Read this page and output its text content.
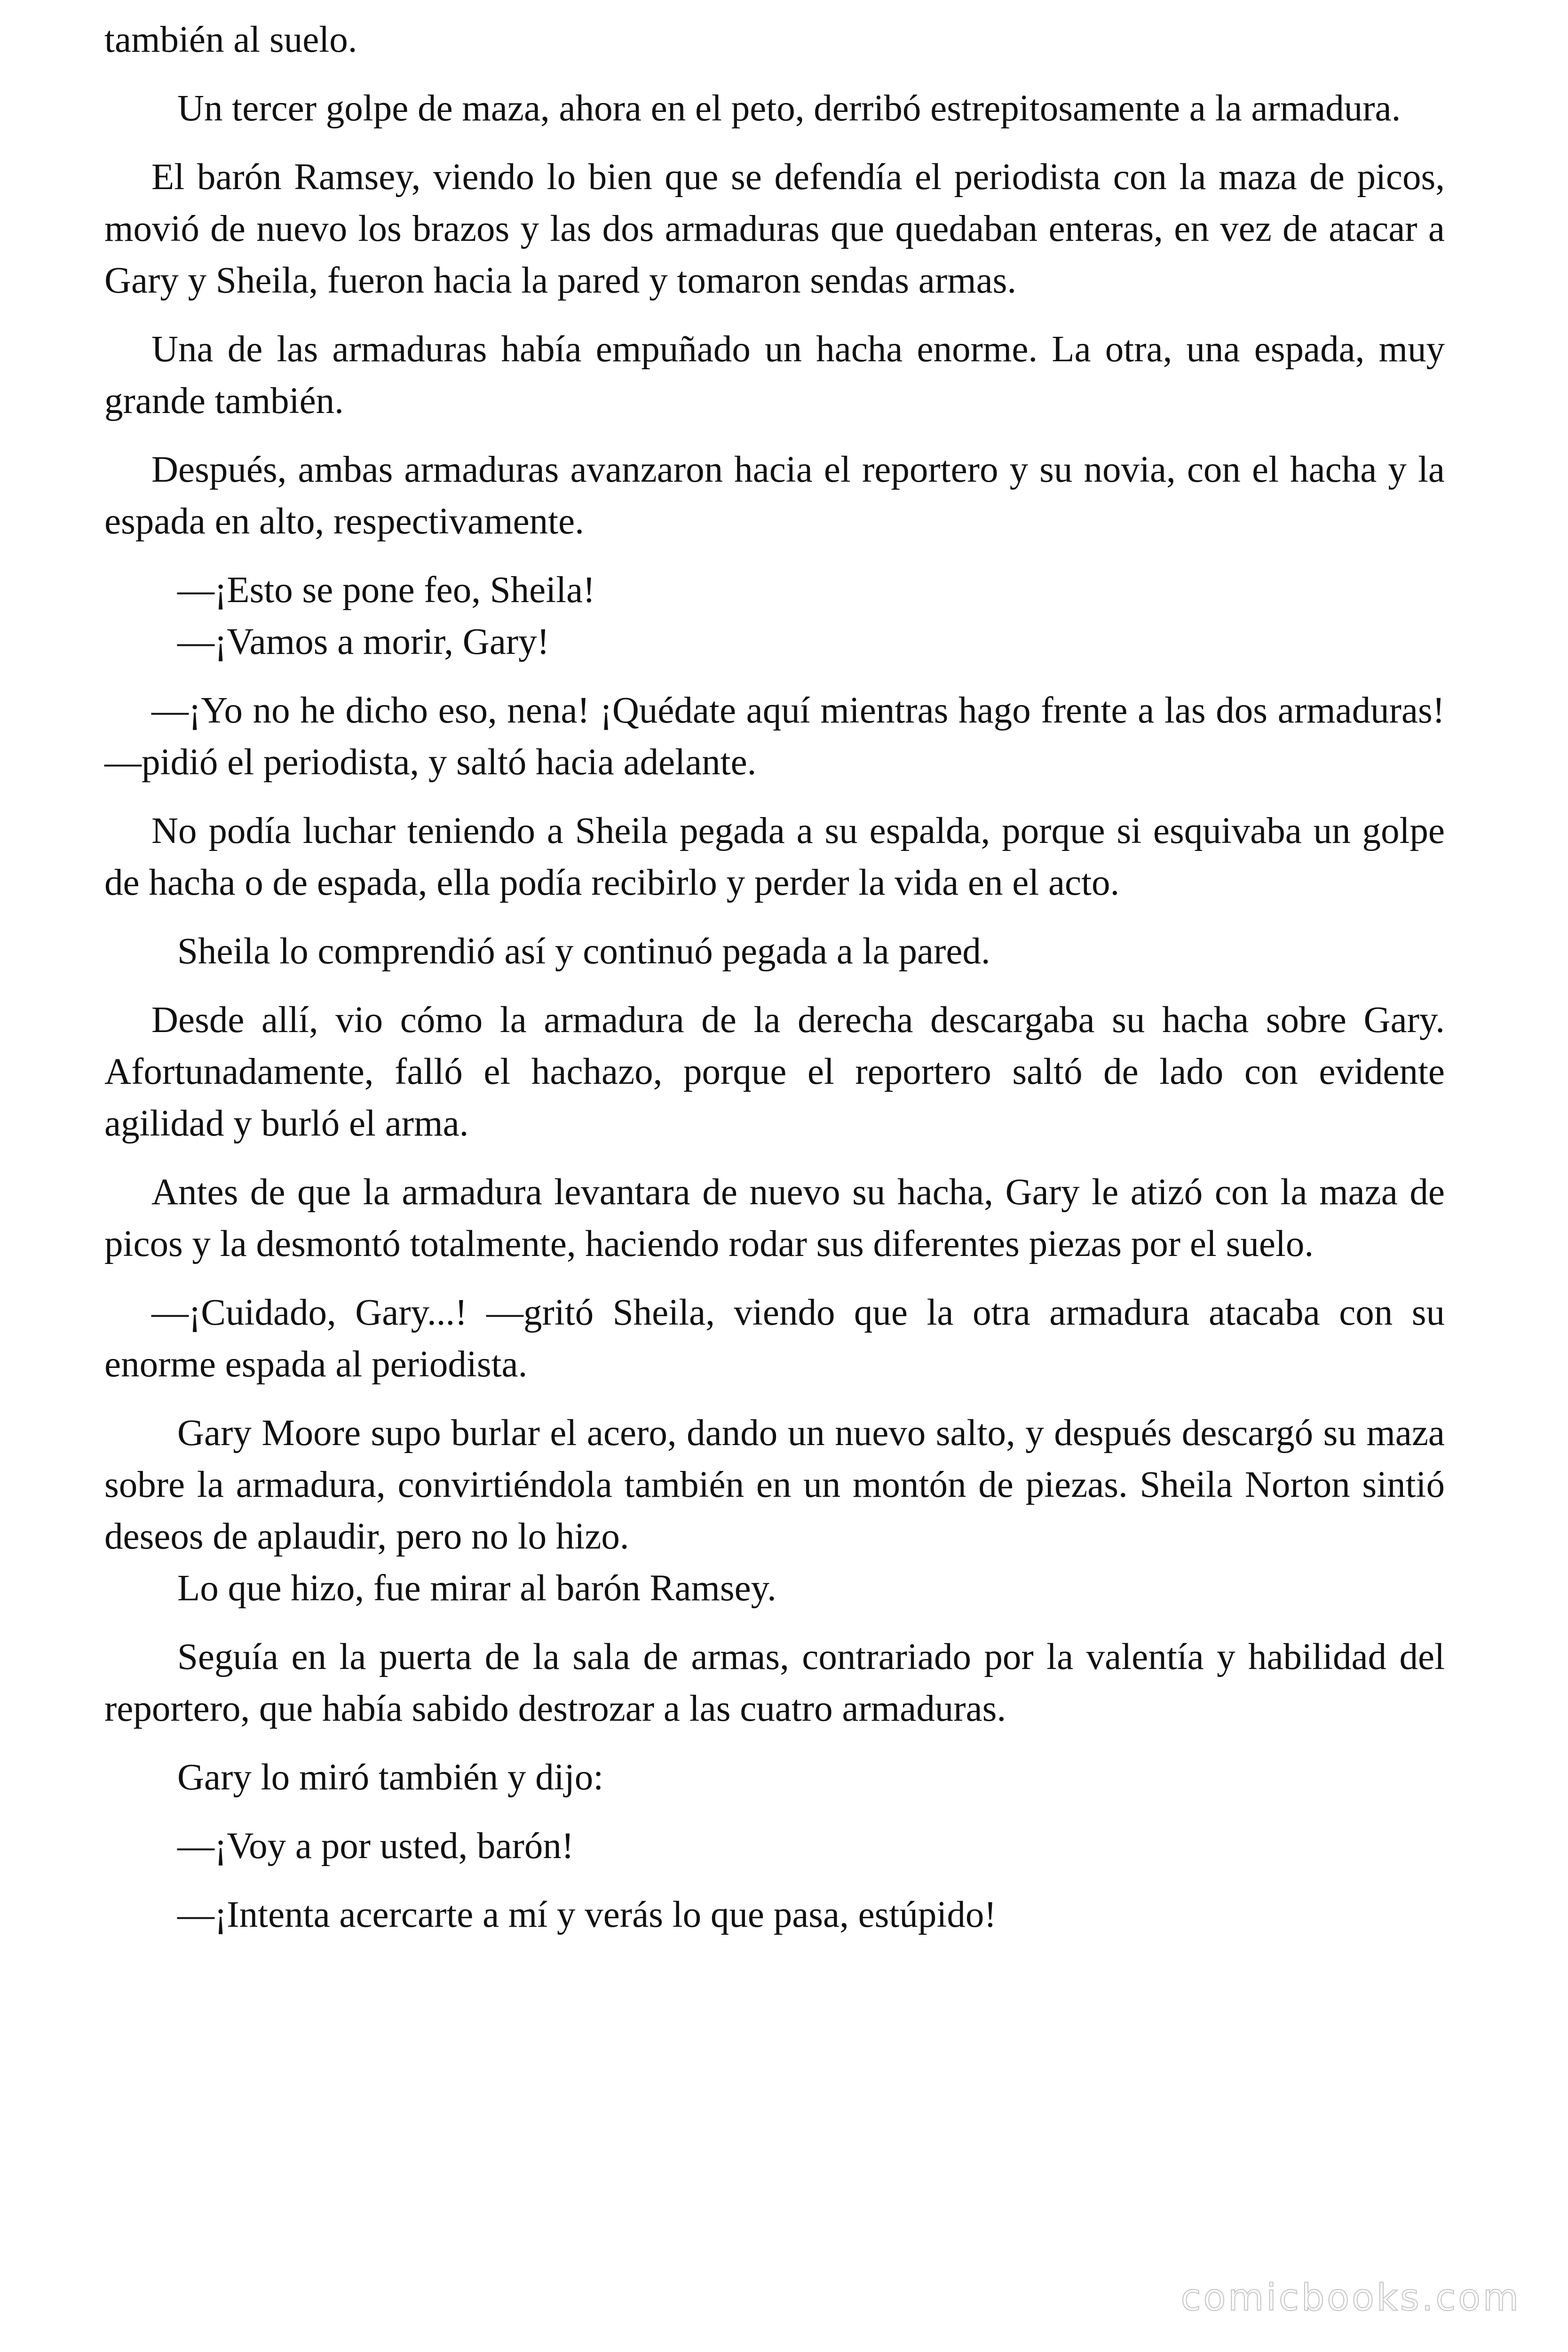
también al suelo.

Un tercer golpe de maza, ahora en el peto, derribó estrepitosamente a la armadura.

El barón Ramsey, viendo lo bien que se defendía el periodista con la maza de picos, movió de nuevo los brazos y las dos armaduras que quedaban enteras, en vez de atacar a Gary y Sheila, fueron hacia la pared y tomaron sendas armas.

Una de las armaduras había empuñado un hacha enorme. La otra, una espada, muy grande también.

Después, ambas armaduras avanzaron hacia el reportero y su novia, con el hacha y la espada en alto, respectivamente.

—¡Esto se pone feo, Sheila!

—¡Vamos a morir, Gary!

—¡Yo no he dicho eso, nena! ¡Quédate aquí mientras hago frente a las dos armaduras! —pidió el periodista, y saltó hacia adelante.

No podía luchar teniendo a Sheila pegada a su espalda, porque si esquivaba un golpe de hacha o de espada, ella podía recibirlo y perder la vida en el acto.

Sheila lo comprendió así y continuó pegada a la pared.

Desde allí, vio cómo la armadura de la derecha descargaba su hacha sobre Gary. Afortunadamente, falló el hachazo, porque el reportero saltó de lado con evidente agilidad y burló el arma.

Antes de que la armadura levantara de nuevo su hacha, Gary le atizó con la maza de picos y la desmontó totalmente, haciendo rodar sus diferentes piezas por el suelo.

—¡Cuidado, Gary...! —gritó Sheila, viendo que la otra armadura atacaba con su enorme espada al periodista.

Gary Moore supo burlar el acero, dando un nuevo salto, y después descargó su maza sobre la armadura, convirtiéndola también en un montón de piezas. Sheila Norton sintió deseos de aplaudir, pero no lo hizo.

Lo que hizo, fue mirar al barón Ramsey.

Seguía en la puerta de la sala de armas, contrariado por la valentía y habilidad del reportero, que había sabido destrozar a las cuatro armaduras.

Gary lo miró también y dijo:

—¡Voy a por usted, barón!

—¡Intenta acercarte a mí y verás lo que pasa, estúpido!

comicbooks.com
